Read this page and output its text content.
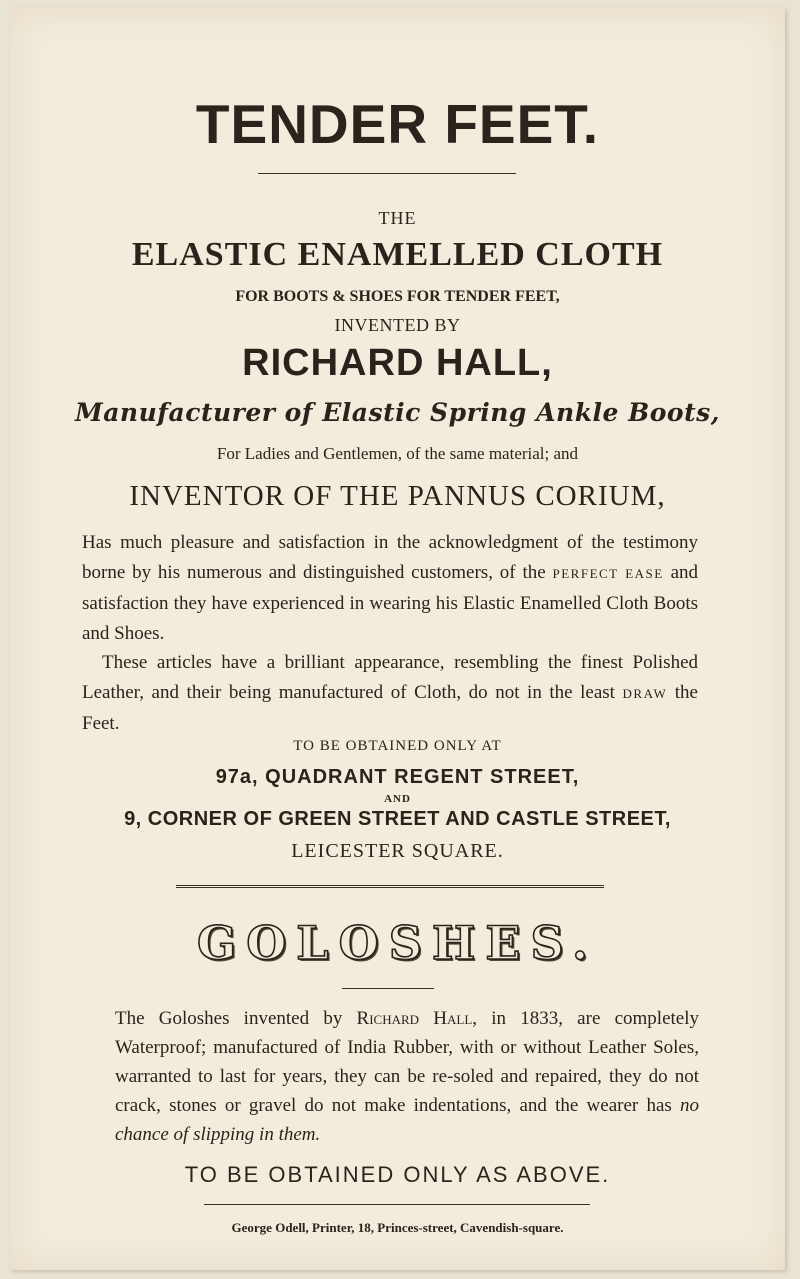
TENDER FEET.
THE
ELASTIC ENAMELLED CLOTH
FOR BOOTS & SHOES FOR TENDER FEET,
INVENTED BY
RICHARD HALL,
Manufacturer of Elastic Spring Ankle Boots,
For Ladies and Gentlemen, of the same material; and
INVENTOR OF THE PANNUS CORIUM,
Has much pleasure and satisfaction in the acknowledgment of the testimony borne by his numerous and distinguished customers, of the PERFECT EASE and satisfaction they have experienced in wearing his Elastic Enamelled Cloth Boots and Shoes.
These articles have a brilliant appearance, resembling the finest Polished Leather, and their being manufactured of Cloth, do not in the least DRAW the Feet.
TO BE OBTAINED ONLY AT
97a, QUADRANT REGENT STREET,
AND
9, CORNER OF GREEN STREET AND CASTLE STREET,
LEICESTER SQUARE.
GOLOSHES.
The Goloshes invented by Richard Hall, in 1833, are completely Waterproof; manufactured of India Rubber, with or without Leather Soles, warranted to last for years, they can be re-soled and repaired, they do not crack, stones or gravel do not make indentations, and the wearer has no chance of slipping in them.
TO BE OBTAINED ONLY AS ABOVE.
George Odell, Printer, 18, Princes-street, Cavendish-square.
